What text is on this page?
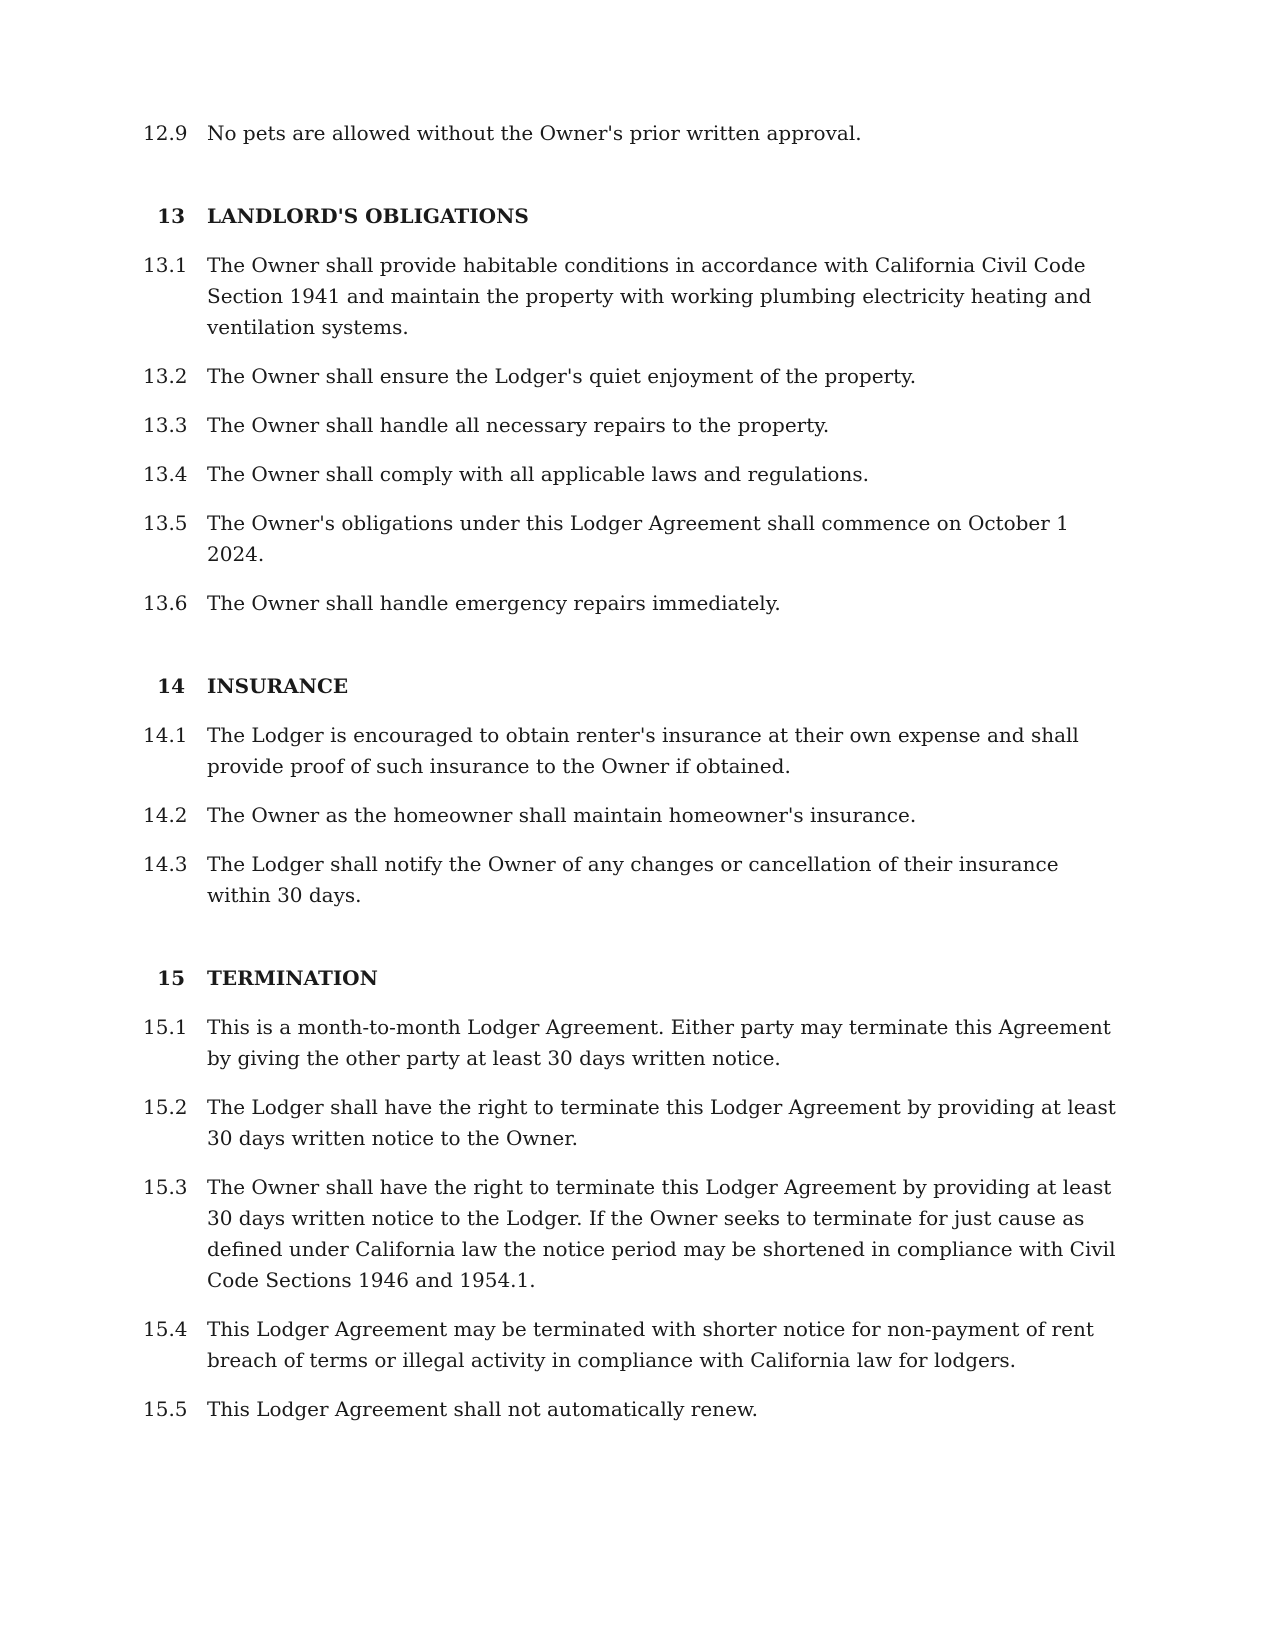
12.9 No pets are allowed without the Owner's prior written approval.
13	LANDLORD'S OBLIGATIONS
13.1 The Owner shall provide habitable conditions in accordance with California Civil Code Section 1941 and maintain the property with working plumbing electricity heating and ventilation systems.
13.2 The Owner shall ensure the Lodger's quiet enjoyment of the property.
13.3 The Owner shall handle all necessary repairs to the property.
13.4 The Owner shall comply with all applicable laws and regulations.
13.5 The Owner's obligations under this Lodger Agreement shall commence on October 1 2024.
13.6 The Owner shall handle emergency repairs immediately.
14	INSURANCE
14.1 The Lodger is encouraged to obtain renter's insurance at their own expense and shall provide proof of such insurance to the Owner if obtained.
14.2 The Owner as the homeowner shall maintain homeowner's insurance.
14.3 The Lodger shall notify the Owner of any changes or cancellation of their insurance within 30 days.
15	TERMINATION
15.1 This is a month-to-month Lodger Agreement. Either party may terminate this Agreement by giving the other party at least 30 days written notice.
15.2 The Lodger shall have the right to terminate this Lodger Agreement by providing at least 30 days written notice to the Owner.
15.3 The Owner shall have the right to terminate this Lodger Agreement by providing at least 30 days written notice to the Lodger. If the Owner seeks to terminate for just cause as defined under California law the notice period may be shortened in compliance with Civil Code Sections 1946 and 1954.1.
15.4 This Lodger Agreement may be terminated with shorter notice for non-payment of rent breach of terms or illegal activity in compliance with California law for lodgers.
15.5 This Lodger Agreement shall not automatically renew.
